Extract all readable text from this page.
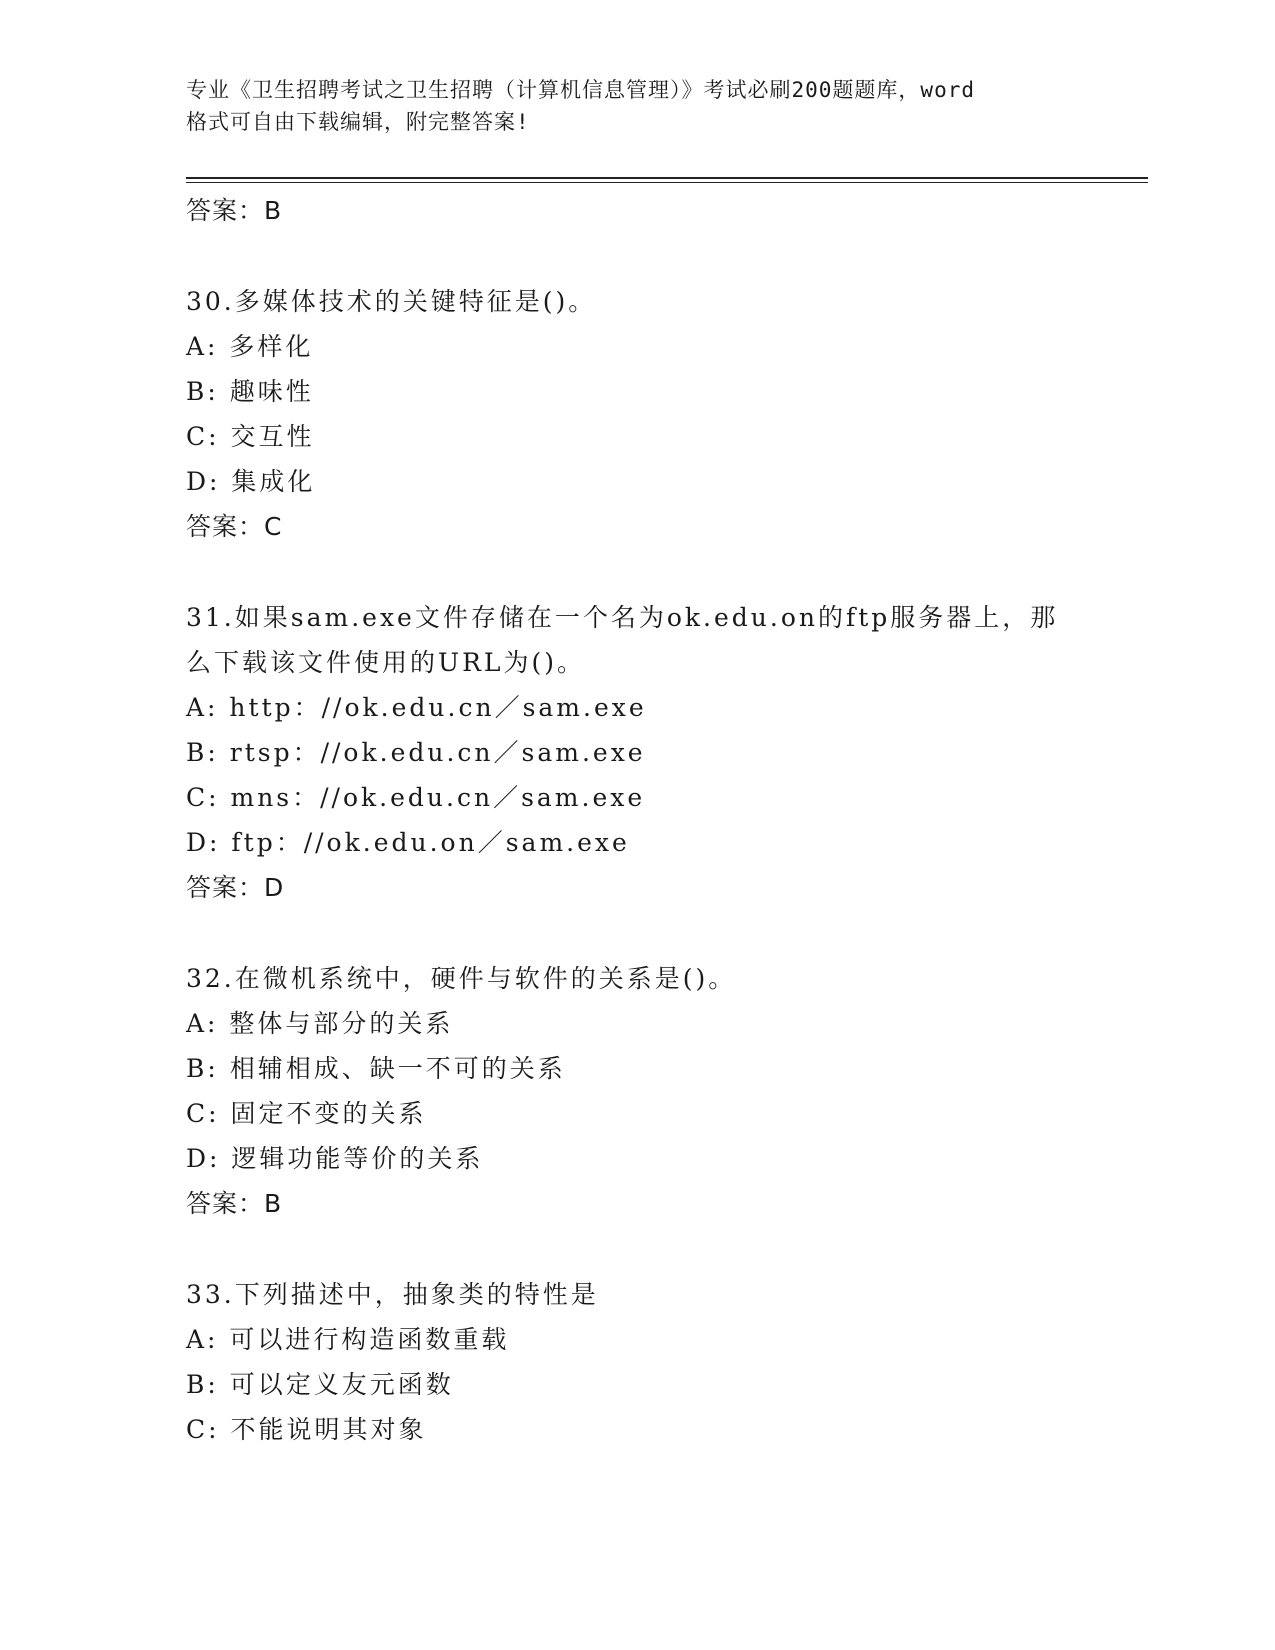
专业《卫生招聘考试之卫生招聘（计算机信息管理）》考试必刷200题题库，word
格式可自由下载编辑，附完整答案!
答案：B
30.多媒体技术的关键特征是()。
A: 多样化
B: 趣味性
C: 交互性
D: 集成化
答案：C
31.如果sam.exe文件存储在一个名为ok.edu.on的ftp服务器上，那
么下载该文件使用的URL为()。
A: http：//ok.edu.cn／sam.exe
B: rtsp：//ok.edu.cn／sam.exe
C: mns：//ok.edu.cn／sam.exe
D: ftp：//ok.edu.on／sam.exe
答案：D
32.在微机系统中，硬件与软件的关系是()。
A: 整体与部分的关系
B: 相辅相成、缺一不可的关系
C: 固定不变的关系
D: 逻辑功能等价的关系
答案：B
33.下列描述中，抽象类的特性是
A: 可以进行构造函数重载
B: 可以定义友元函数
C: 不能说明其对象
